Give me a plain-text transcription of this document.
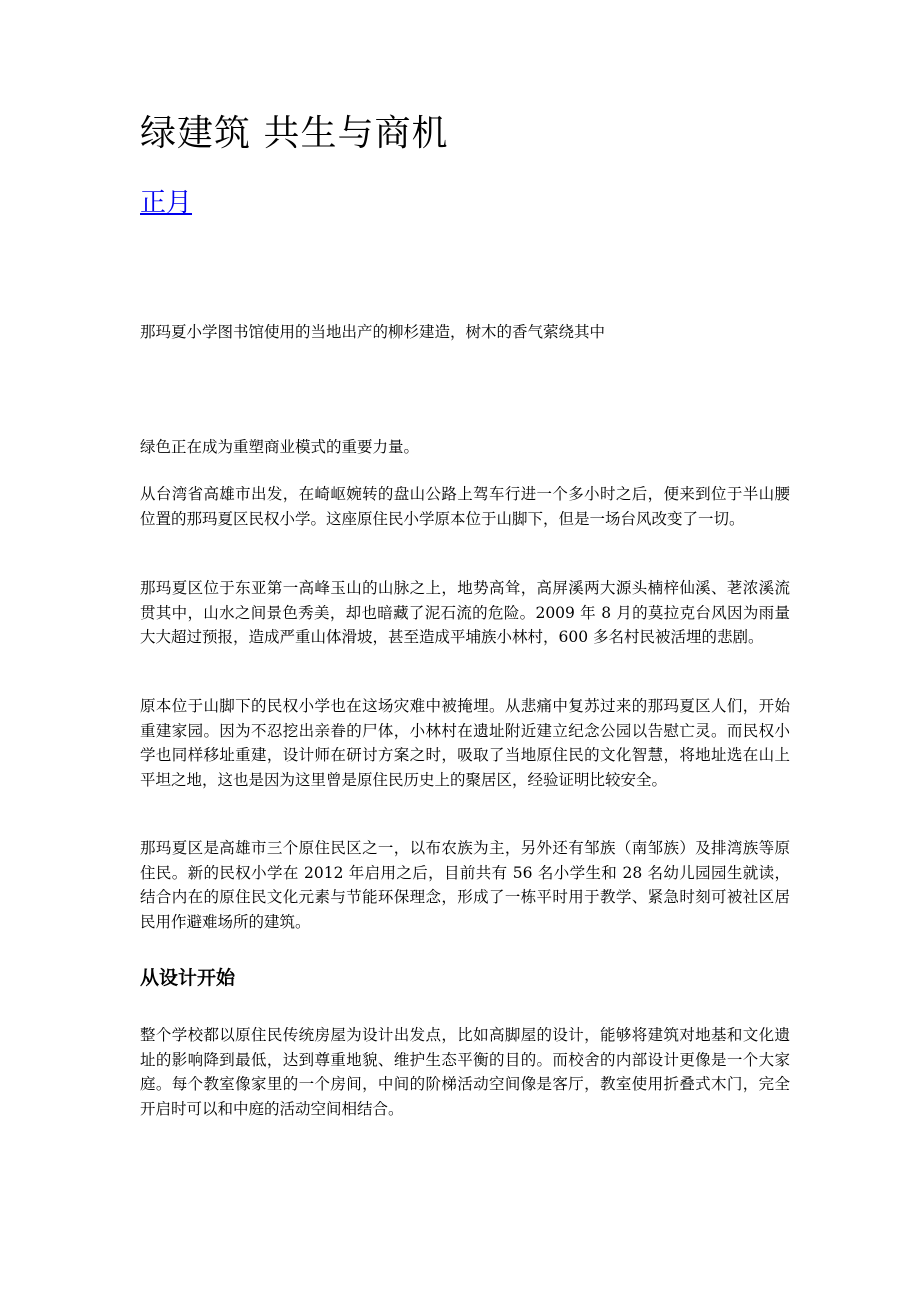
绿建筑 共生与商机
正月
那玛夏小学图书馆使用的当地出产的柳杉建造，树木的香气萦绕其中

绿色正在成为重塑商业模式的重要力量。

从台湾省高雄市出发，在崎岖婉转的盘山公路上驾车行进一个多小时之后，便来到位于半山腰位置的那玛夏区民权小学。这座原住民小学原本位于山脚下，但是一场台风改变了一切。

那玛夏区位于东亚第一高峰玉山的山脉之上，地势高耸，高屏溪两大源头楠梓仙溪、荖浓溪流贯其中，山水之间景色秀美，却也暗藏了泥石流的危险。2009 年 8 月的莫拉克台风因为雨量大大超过预报，造成严重山体滑坡，甚至造成平埔族小林村，600 多名村民被活埋的悲剧。

原本位于山脚下的民权小学也在这场灾难中被掩埋。从悲痛中复苏过来的那玛夏区人们，开始重建家园。因为不忍挖出亲眷的尸体，小林村在遗址附近建立纪念公园以告慰亡灵。而民权小学也同样移址重建，设计师在研讨方案之时，吸取了当地原住民的文化智慧，将地址选在山上平坦之地，这也是因为这里曾是原住民历史上的聚居区，经验证明比较安全。

那玛夏区是高雄市三个原住民区之一，以布农族为主，另外还有邹族（南邹族）及排湾族等原住民。新的民权小学在 2012 年启用之后，目前共有 56 名小学生和 28 名幼儿园园生就读，结合内在的原住民文化元素与节能环保理念，形成了一栋平时用于教学、紧急时刻可被社区居民用作避难场所的建筑。

从设计开始

整个学校都以原住民传统房屋为设计出发点，比如高脚屋的设计，能够将建筑对地基和文化遗址的影响降到最低，达到尊重地貌、维护生态平衡的目的。而校舍的内部设计更像是一个大家庭。每个教室像家里的一个房间，中间的阶梯活动空间像是客厅，教室使用折叠式木门，完全开启时可以和中庭的活动空间相结合。
